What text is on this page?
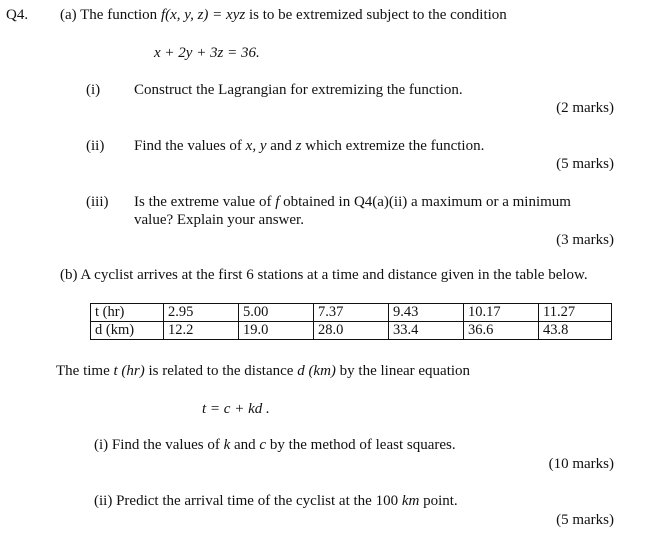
Q4. (a) The function f(x, y, z) = xyz is to be extremized subject to the condition
x + 2y + 3z = 36.
(i) Construct the Lagrangian for extremizing the function.
(2 marks)
(ii) Find the values of x, y and z which extremize the function.
(5 marks)
(iii) Is the extreme value of f obtained in Q4(a)(ii) a maximum or a minimum
value? Explain your answer.
(3 marks)
(b) A cyclist arrives at the first 6 stations at a time and distance given in the table below.
t (hr)	2.95	5.00	7.37	9.43	10.17	11.27
d (km)	12.2	19.0	28.0	33.4	36.6	43.8
The time t (hr) is related to the distance d (km) by the linear equation
t = c + kd .
(i) Find the values of k and c by the method of least squares.
(10 marks)
(ii) Predict the arrival time of the cyclist at the 100 km point.
(5 marks)
